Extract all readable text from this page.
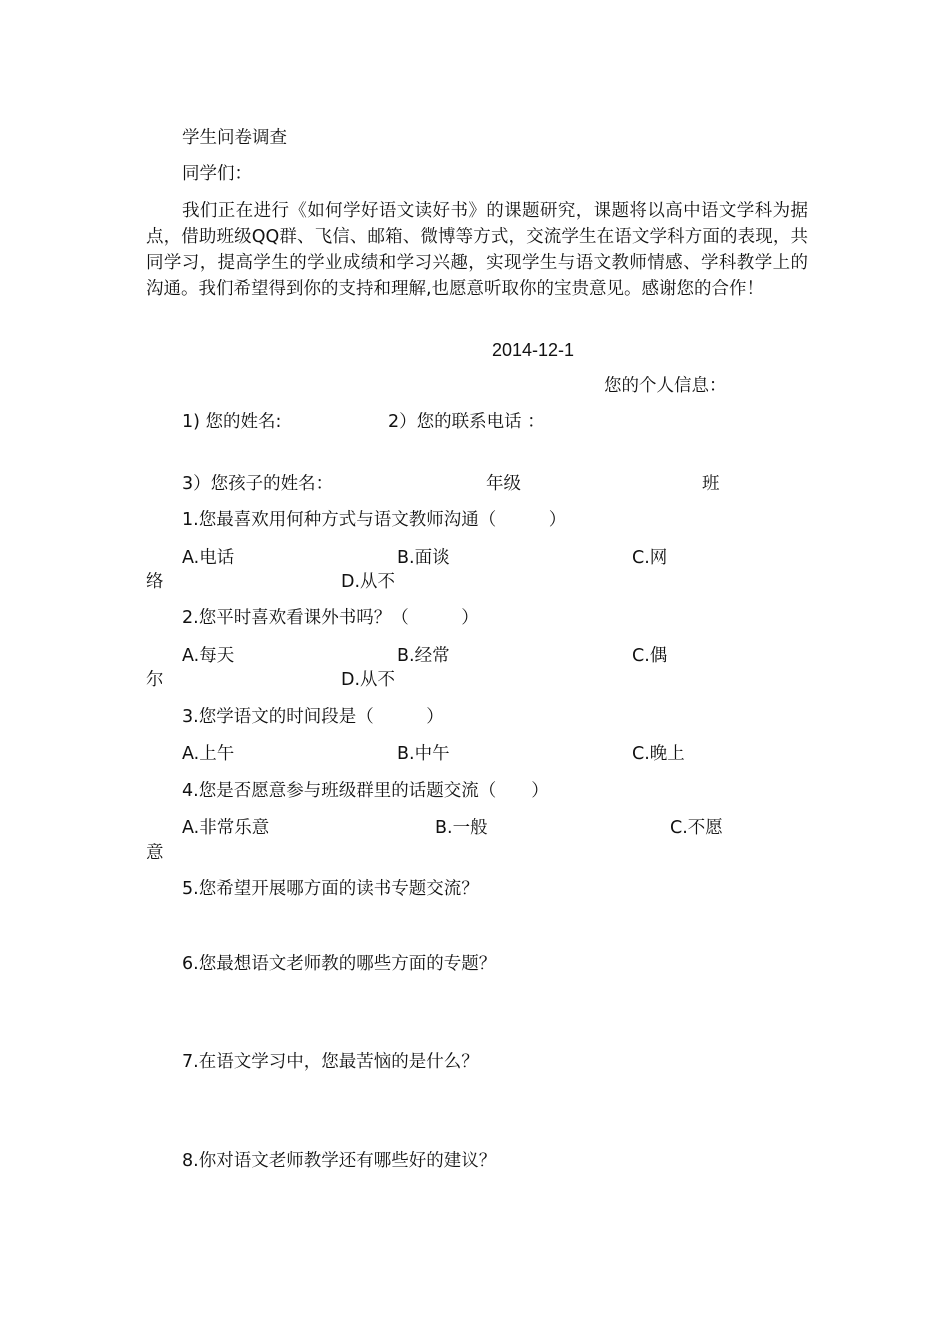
学生问卷调查
同学们：
我们正在进行《如何学好语文读好书》的课题研究，课题将以高中语文学科为据点，借助班级QQ群、飞信、邮箱、微博等方式，交流学生在语文学科方面的表现，共同学习，提高学生的学业成绩和学习兴趣，实现学生与语文教师情感、学科教学上的沟通。我们希望得到你的支持和理解,也愿意听取你的宝贵意见。感谢您的合作！
2014-12-1
您的个人信息：
1) 您的姓名:	2）您的联系电话 ：
3）您孩子的姓名：	年级	班
1.您最喜欢用何种方式与语文教师沟通（　　　）
A.电话	B.面谈	C.网
络	D.从不
2.您平时喜欢看课外书吗？（　　　）
A.每天	B.经常	C.偶
尔	D.从不
3.您学语文的时间段是（　　　）
A.上午	B.中午	C.晚上
4.您是否愿意参与班级群里的话题交流（　　）
A.非常乐意	B.一般	C.不愿
意
5.您希望开展哪方面的读书专题交流？
6.您最想语文老师教的哪些方面的专题？
7.在语文学习中，您最苦恼的是什么？
8.你对语文老师教学还有哪些好的建议？
